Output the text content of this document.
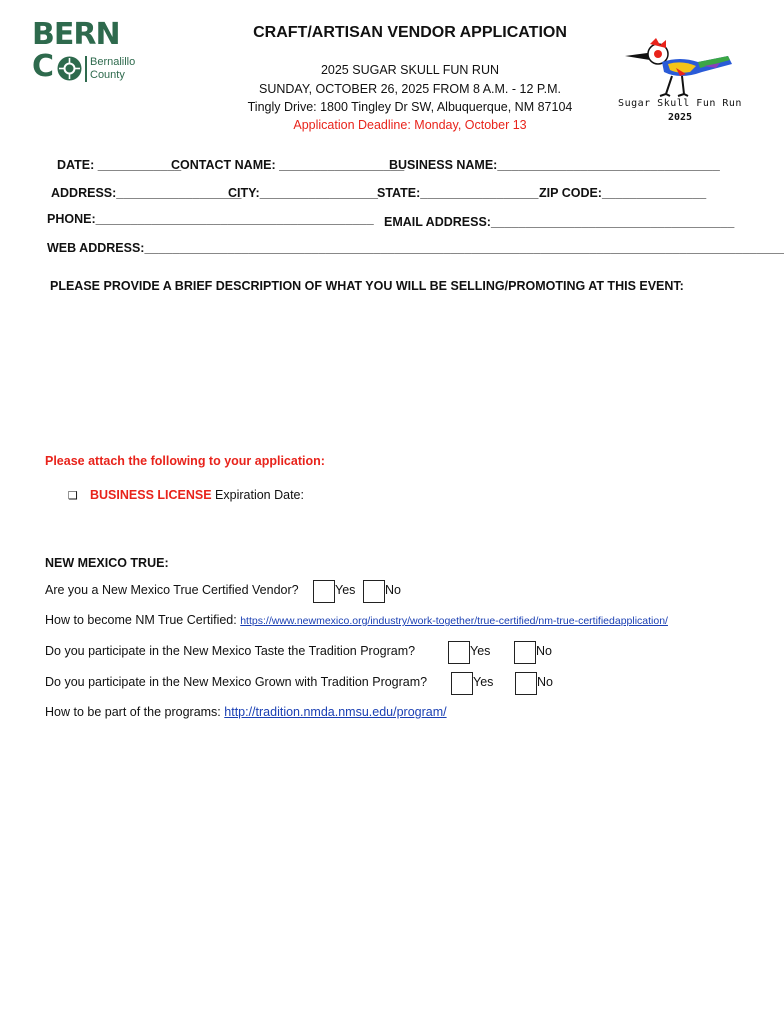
BERN
C	Bernalillo
County
CRAFT/ARTISAN VENDOR APPLICATION
2025 SUGAR SKULL FUN RUN
SUNDAY, OCTOBER 26, 2025 FROM 8 A.M. - 12 P.M.
Tingly Drive: 1800 Tingley Dr SW, Albuquerque, NM 87104
Application Deadline: Monday, October 13
Sugar Skull Fun Run
2025
DATE: ____________
CONTACT NAME: __________________
BUSINESS NAME:________________________________
ADDRESS:__________________
CITY:_________________ STATE:_________________ ZIP CODE:_______________
PHONE:________________________________________ EMAIL ADDRESS:___________________________________
WEB ADDRESS:____________________________________________________________________________________________
PLEASE PROVIDE A BRIEF DESCRIPTION OF WHAT YOU WILL BE SELLING/PROMOTING AT THIS EVENT:
Please attach the following to your application:
❑ BUSINESS LICENSE Expiration Date:
NEW MEXICO TRUE:
Are you a New Mexico True Certified Vendor?	Yes No
How to become NM True Certified: https://www.newmexico.org/industry/work-together/true-certified/nm-true-certifiedapplication/
Do you participate in the New Mexico Taste the Tradition Program?	Yes	No
Do you participate in the New Mexico Grown with Tradition Program?	Yes	No
How to be part of the programs: http://tradition.nmda.nmsu.edu/program/
